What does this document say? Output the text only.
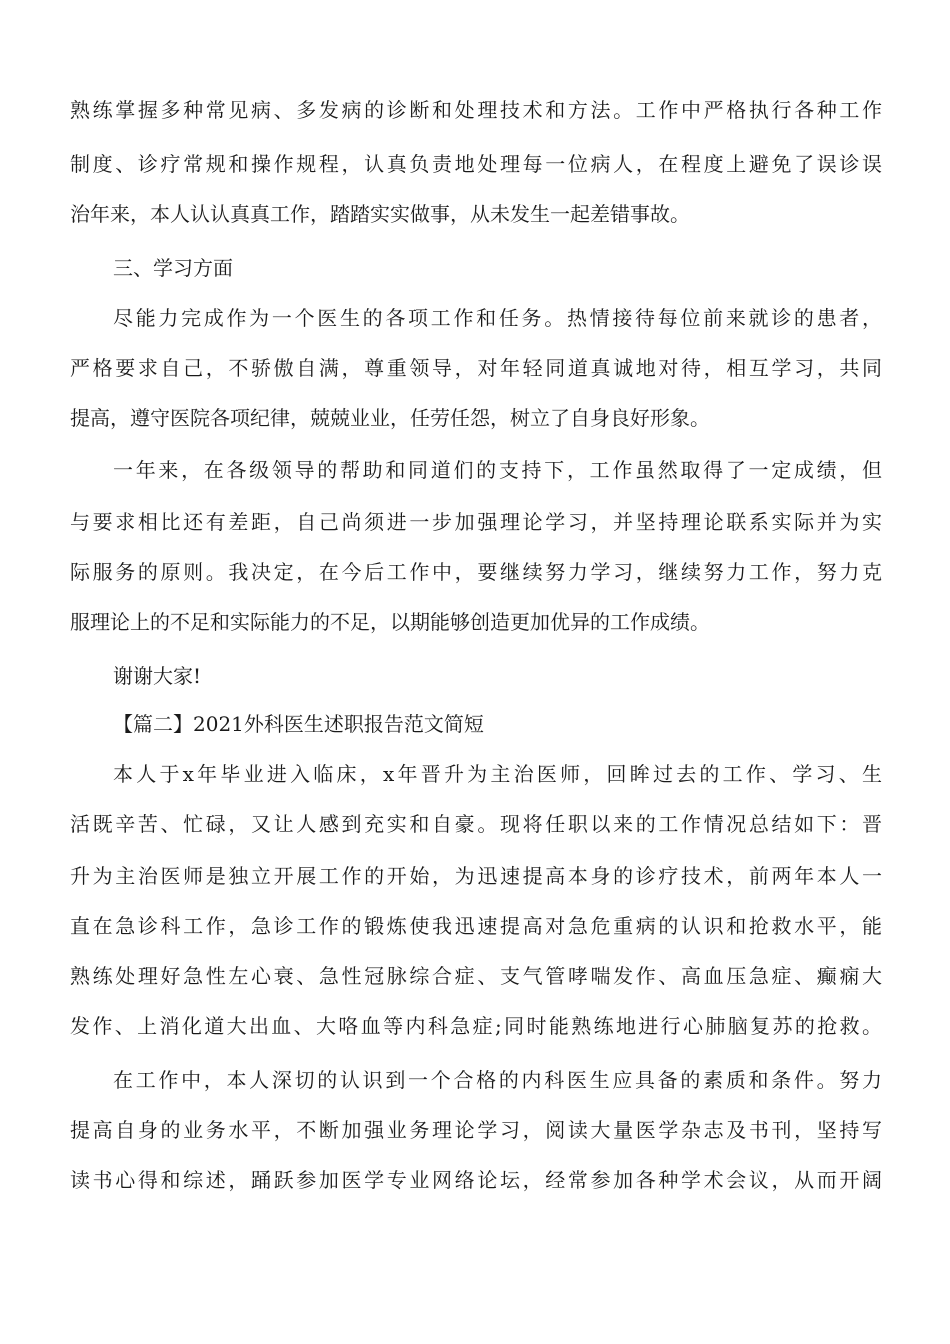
熟练掌握多种常见病、多发病的诊断和处理技术和方法。工作中严格执行各种工作
制度、诊疗常规和操作规程，认真负责地处理每一位病人，在程度上避免了误诊误
治年来，本人认认真真工作，踏踏实实做事，从未发生一起差错事故。
三、学习方面
尽能力完成作为一个医生的各项工作和任务。热情接待每位前来就诊的患者，
严格要求自己，不骄傲自满，尊重领导，对年轻同道真诚地对待，相互学习，共同
提高，遵守医院各项纪律，兢兢业业，任劳任怨，树立了自身良好形象。
一年来，在各级领导的帮助和同道们的支持下，工作虽然取得了一定成绩，但
与要求相比还有差距，自己尚须进一步加强理论学习，并坚持理论联系实际并为实
际服务的原则。我决定，在今后工作中，要继续努力学习，继续努力工作，努力克
服理论上的不足和实际能力的不足，以期能够创造更加优异的工作成绩。
谢谢大家!
【篇二】2021外科医生述职报告范文简短
本人于x年毕业进入临床，x年晋升为主治医师，回眸过去的工作、学习、生
活既辛苦、忙碌，又让人感到充实和自豪。现将任职以来的工作情况总结如下：晋
升为主治医师是独立开展工作的开始，为迅速提高本身的诊疗技术，前两年本人一
直在急诊科工作，急诊工作的锻炼使我迅速提高对急危重病的认识和抢救水平，能
熟练处理好急性左心衰、急性冠脉综合症、支气管哮喘发作、高血压急症、癫痫大
发作、上消化道大出血、大咯血等内科急症;同时能熟练地进行心肺脑复苏的抢救。
在工作中，本人深切的认识到一个合格的内科医生应具备的素质和条件。努力
提高自身的业务水平，不断加强业务理论学习，阅读大量医学杂志及书刊，坚持写
读书心得和综述，踊跃参加医学专业网络论坛，经常参加各种学术会议，从而开阔
